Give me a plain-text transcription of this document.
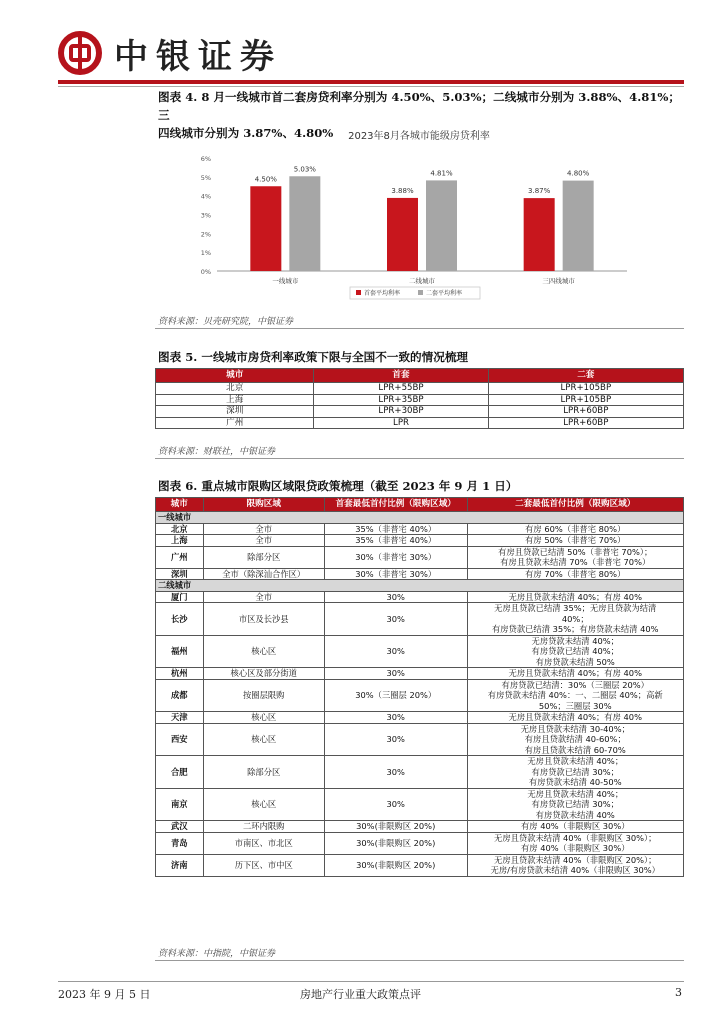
中银证券
图表 4. 8 月一线城市首二套房贷利率分别为 4.50%、5.03%；二线城市分别为 3.88%、4.81%；三
四线城市分别为 3.87%、4.80%	2023年8月各城市能级房贷利率
0%
1%
2%
3%
4%
5%
6%
一线城市
4.50%
5.03%
二线城市
3.88%
4.81%
三四线城市
3.87%
4.80%
首套平均利率	二套平均利率
资料来源：贝壳研究院，中银证券
图表 5. 一线城市房贷利率政策下限与全国不一致的情况梳理
城市	首套	二套
北京	LPR+55BP	LPR+105BP
上海	LPR+35BP	LPR+105BP
深圳	LPR+30BP	LPR+60BP
广州	LPR	LPR+60BP
资料来源：财联社，中银证券
图表 6. 重点城市限购区域限贷政策梳理（截至 2023 年 9 月 1 日）
城市	限购区域	首套最低首付比例（限购区域）	二套最低首付比例（限购区域）
一线城市			
北京	全市	35%（非普宅 40%）	有房 60%（非普宅 80%）

上海	全市	35%（非普宅 40%）	有房 50%（非普宅 70%）

广州	除部分区	30%（非普宅 30%）	有房且贷款已结清 50%（非普宅 70%）；
有房且贷款未结清 70%（非普宅 70%）

深圳	全市（除深汕合作区）	30%（非普宅 30%）	有房 70%（非普宅 80%）

二线城市			
厦门	全市	30%	无房且贷款未结清 40%；有房 40%

长沙	市区及长沙县	30%	无房且贷款已结清 35%；无房且贷款为结清
40%；
有房贷款已结清 35%；有房贷款未结清 40%

福州	核心区	30%	无房贷款未结清 40%；
有房贷款已结清 40%；
有房贷款未结清 50%

杭州	核心区及部分街道	30%	无房且贷款未结清 40%；有房 40%

成都	按圈层限购	30%（三圈层 20%）	有房贷款已结清：30%（三圈层 20%）
有房贷款未结清 40%：一、二圈层 40%；高新
50%；三圈层 30%

天津	核心区	30%	无房且贷款未结清 40%；有房 40%

西安	核心区	30%	无房且贷款未结清 30-40%；
有房且贷款结清 40-60%；
有房且贷款未结清 60-70%

合肥	除部分区	30%	无房且贷款未结清 40%；
有房贷款已结清 30%；
有房贷款未结清 40-50%

南京	核心区	30%	无房且贷款未结清 40%；
有房贷款已结清 30%；
有房贷款未结清 40%

武汉	二环内限购	30%(非限购区 20%)	有房 40%（非限购区 30%）

青岛	市南区、市北区	30%(非限购区 20%)	无房且贷款未结清 40%（非限购区 30%）；
有房 40%（非限购区 30%）

济南	历下区、市中区	30%(非限购区 20%)	无房且贷款未结清 40%（非限购区 20%）；
无房/有房贷款未结清 40%（非限购区 30%）
资料来源：中指院，中银证券
2023 年 9 月 5 日	房地产行业重大政策点评	3
